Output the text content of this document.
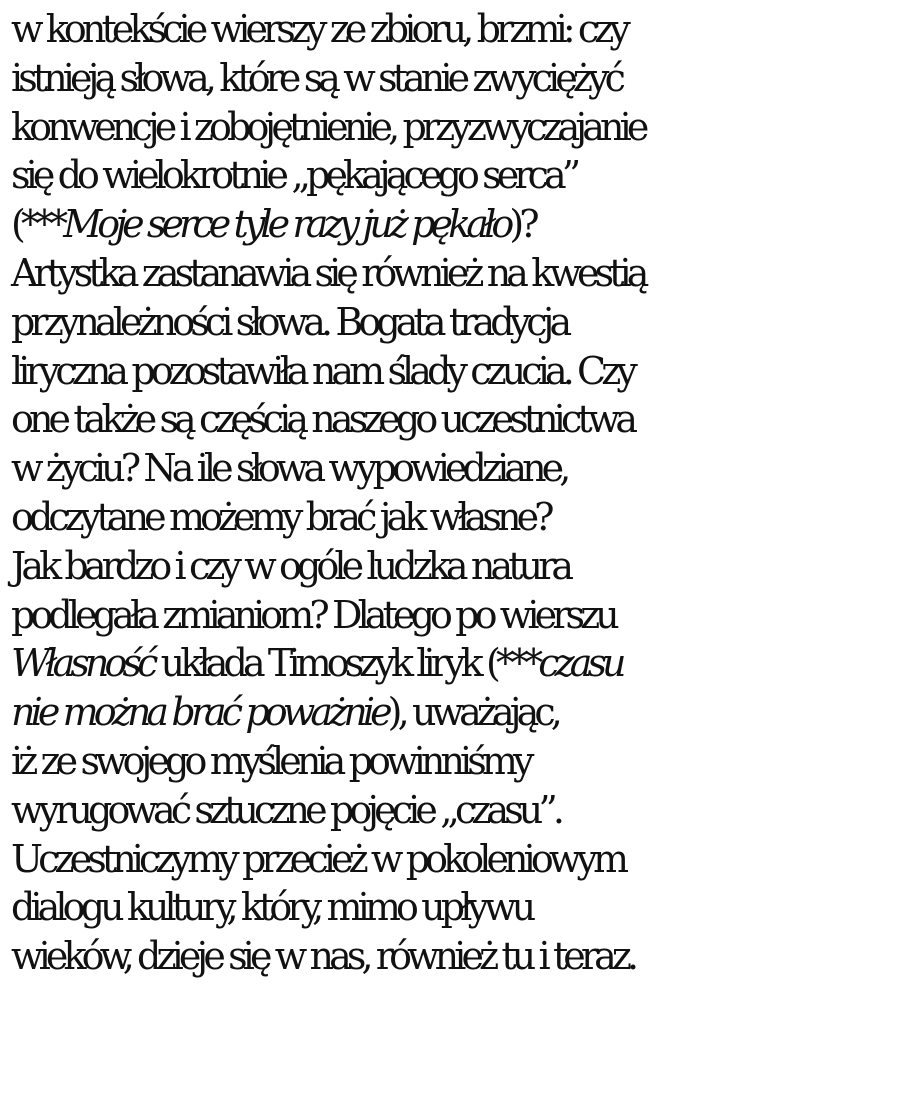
w kontekście wierszy ze zbioru, brzmi: czy
istnieją słowa, które są w stanie zwyciężyć
konwencje i zobojętnienie, przyzwyczajanie
się do wielokrotnie „pękającego serca”
(***Moje serce tyle razy już pękało)?
Artystka zastanawia się również na kwestią
przynależności słowa. Bogata tradycja
liryczna pozostawiła nam ślady czucia. Czy
one także są częścią naszego uczestnictwa
w życiu? Na ile słowa wypowiedziane,
odczytane możemy brać jak własne?
Jak bardzo i czy w ogóle ludzka natura
podlegała zmianiom? Dlatego po wierszu
Własność układa Timoszyk liryk (***czasu
nie można brać poważnie), uważając,
iż ze swojego myślenia powinniśmy
wyrugować sztuczne pojęcie „czasu”.
Uczestniczymy przecież w pokoleniowym
dialogu kultury, który, mimo upływu
wieków, dzieje się w nas, również tu i teraz.
